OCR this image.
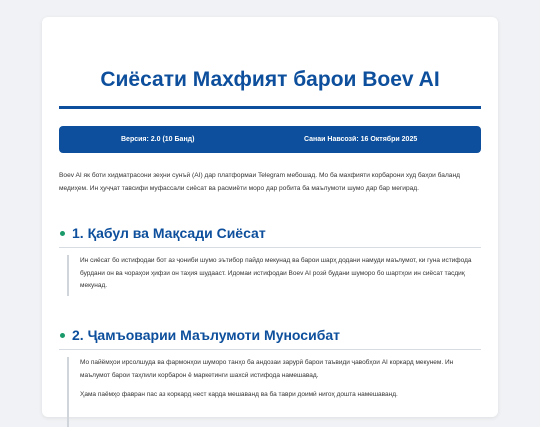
Сиёсати Махфият барои Boev AI
Версия: 2.0 (10 Банд)	Санаи Навсозӣ: 16 Октябри 2025

Boev AI як боти хидматрасони зеҳни сунъӣ (AI) дар платформаи Telegram мебошад. Мо ба махфияти корбарони худ баҳои баланд медиҳем. Ин ҳуҷҷат тавсифи муфассали сиёсат ва расмиёти моро дар робита ба маълумоти шумо дар бар мегирад.

1. Қабул ва Мақсади Сиёсат

Ин сиёсат бо истифодаи бот аз ҷониби шумо эътибор пайдо мекунад ва барои шарҳ додани намуди маълумот, ки гуна истифода бурдани он ва чораҳои ҳифзи он таҳия шудааст. Идомаи истифодаи Boev AI розӣ будани шуморо бо шартҳои ин сиёсат тасдиқ мекунад.

2. Ҷамъоварии Маълумоти Муносибат

Мо пайёмҳои ирсолшуда ва фармонҳои шуморо танҳо ба андозаи зарурӣ барои таъвиди ҷавобҳои AI коркард мекунем. Ин маълумот барои таҳлили корбарон ё маркетинги шахсӣ истифода намешавад.

Ҳама паёмҳо фавран пас аз коркард нест карда мешаванд ва ба таври доимӣ нигоҳ дошта намешаванд.
